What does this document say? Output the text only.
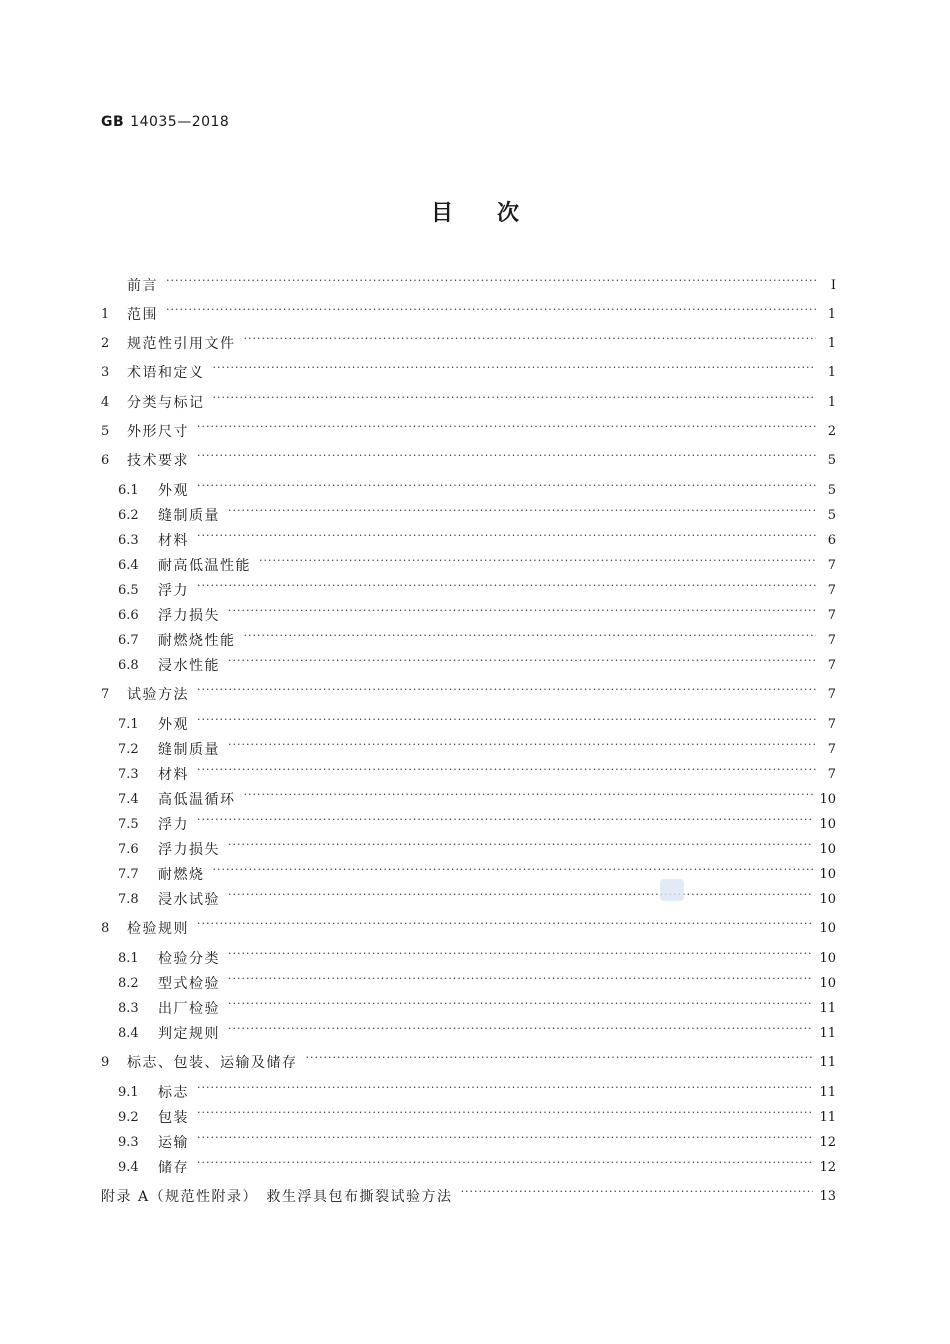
GB 14035—2018
目 次
前言 ·····	I
1	范围 ·····	1
2	规范性引用文件 ·····	1
3	术语和定义 ·····	1
4	分类与标记 ·····	1
5	外形尺寸 ·····	2
6	技术要求 ·····	5
6.1	外观 ·····	5
6.2	缝制质量 ·····	5
6.3	材料 ·····	6
6.4	耐高低温性能 ·····	7
6.5	浮力 ·····	7
6.6	浮力损失 ·····	7
6.7	耐燃烧性能 ·····	7
6.8	浸水性能 ·····	7
7	试验方法 ·····	7
7.1	外观 ·····	7
7.2	缝制质量 ·····	7
7.3	材料 ·····	7
7.4	高低温循环 ·····	10
7.5	浮力 ·····	10
7.6	浮力损失 ·····	10
7.7	耐燃烧 ·····	10
7.8	浸水试验 ·····	10
8	检验规则 ·····	10
8.1	检验分类 ·····	10
8.2	型式检验 ·····	10
8.3	出厂检验 ·····	11
8.4	判定规则 ·····	11
9	标志、包装、运输及储存 ·····	11
9.1	标志 ·····	11
9.2	包装 ·····	11
9.3	运输 ·····	12
9.4	储存 ·····	12
附录 A（规范性附录）　救生浮具包布撕裂试验方法 ·····	13
